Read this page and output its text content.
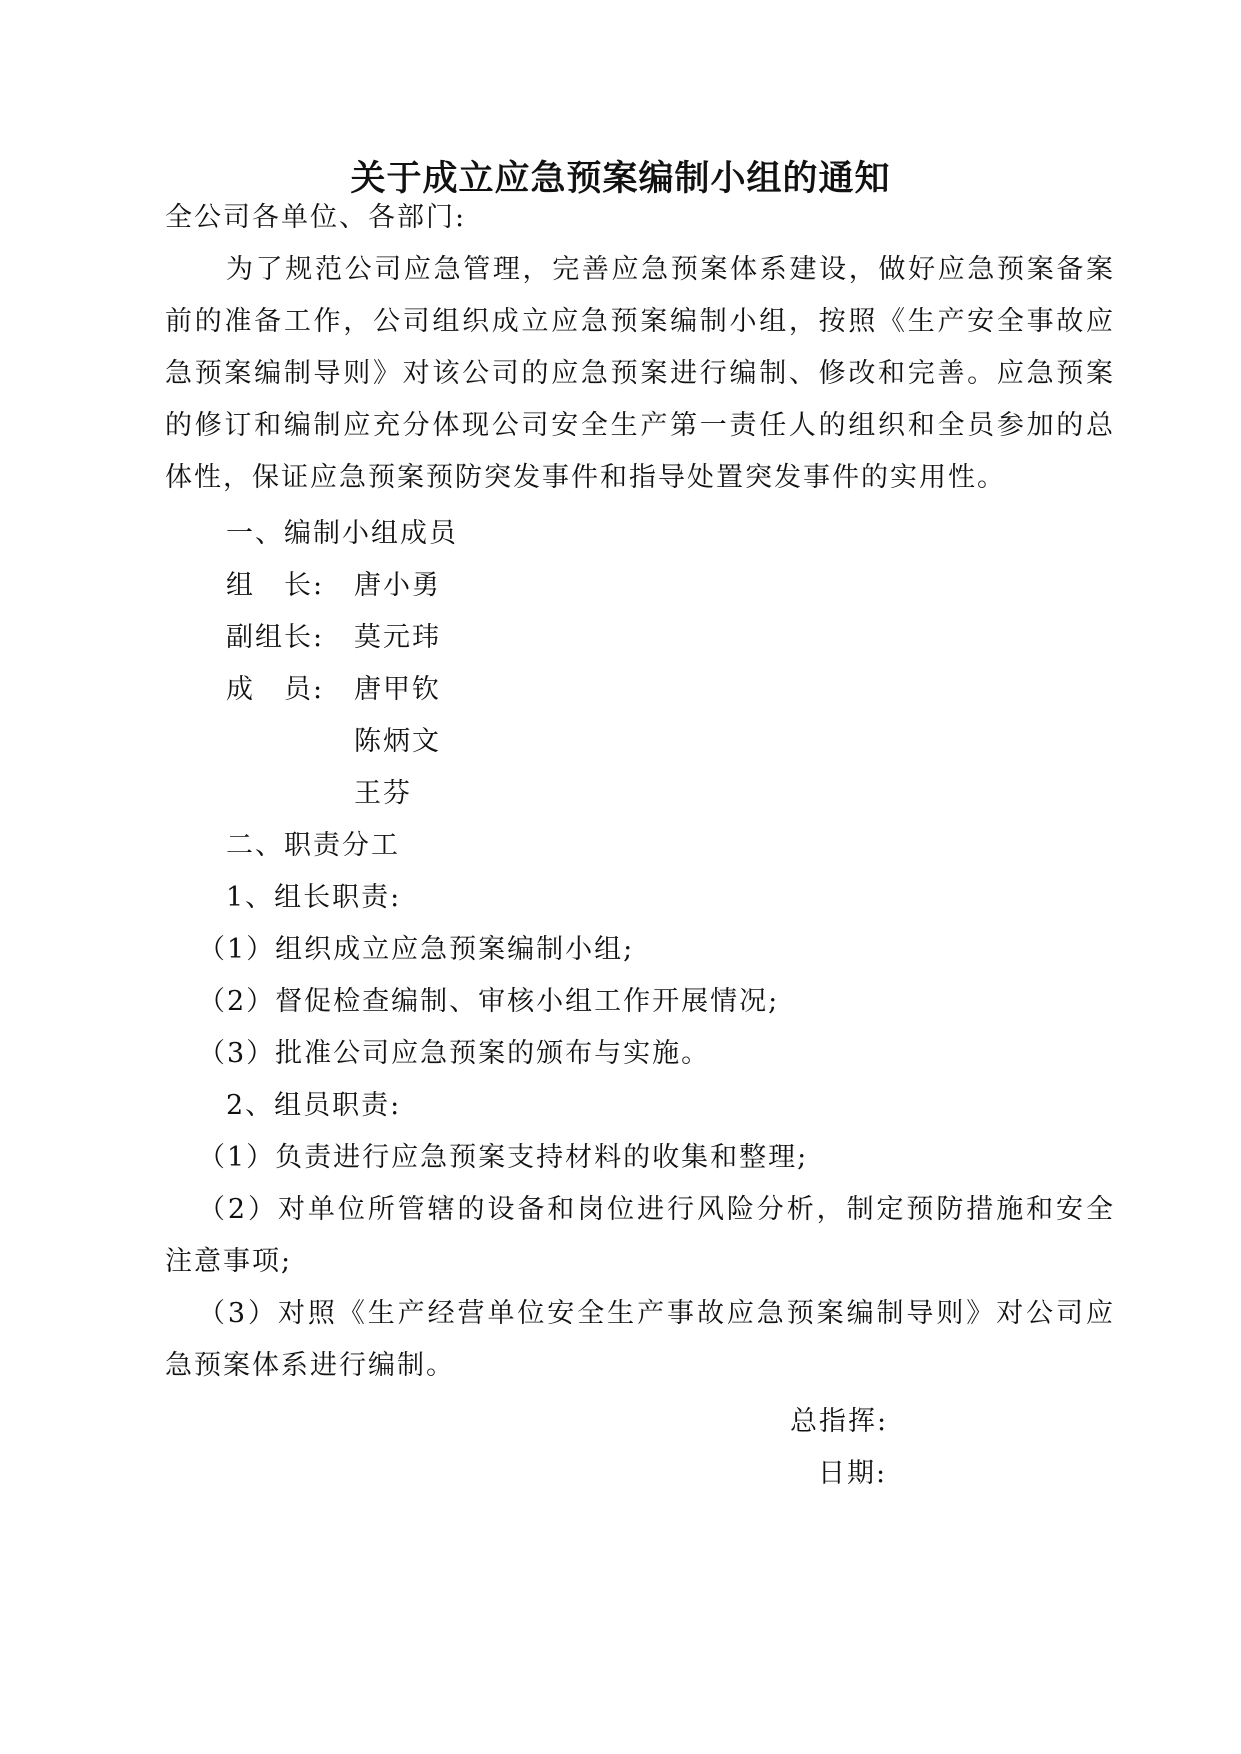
关于成立应急预案编制小组的通知
全公司各单位、各部门:
为了规范公司应急管理，完善应急预案体系建设，做好应急预案备案前的准备工作，公司组织成立应急预案编制小组，按照《生产安全事故应急预案编制导则》对该公司的应急预案进行编制、修改和完善。应急预案的修订和编制应充分体现公司安全生产第一责任人的组织和全员参加的总体性，保证应急预案预防突发事件和指导处置突发事件的实用性。
一、编制小组成员
组　长: 唐小勇
副组长: 莫元玮
成　员: 唐甲钦
陈炳文
王芬
二、职责分工
1、组长职责:
（1）组织成立应急预案编制小组;
（2）督促检查编制、审核小组工作开展情况;
（3）批准公司应急预案的颁布与实施。
2、组员职责:
（1）负责进行应急预案支持材料的收集和整理;
（2）对单位所管辖的设备和岗位进行风险分析，制定预防措施和安全注意事项;
（3）对照《生产经营单位安全生产事故应急预案编制导则》对公司应急预案体系进行编制。
总指挥:
日期:
